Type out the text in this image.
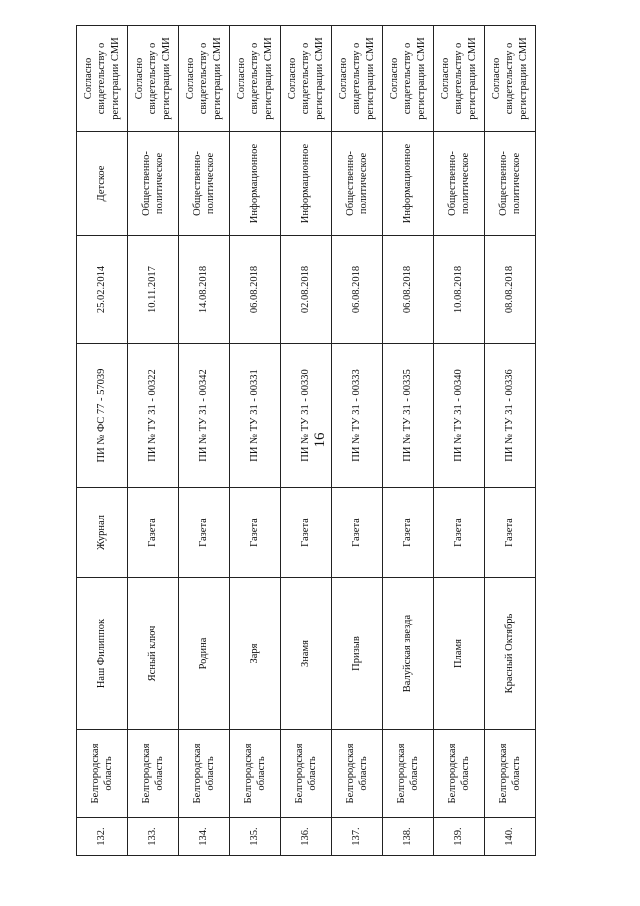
16
132.	Белгородская область	Наш Филиппок	Журнал	ПИ № ФС 77 - 57039	25.02.2014	Детское	Согласно свидетельству о регистрации СМИ
133.	Белгородская область	Ясный ключ	Газета	ПИ № ТУ 31 - 00322	10.11.2017	Общественно-политическое	Согласно свидетельству о регистрации СМИ
134.	Белгородская область	Родина	Газета	ПИ № ТУ 31 - 00342	14.08.2018	Общественно-политическое	Согласно свидетельству о регистрации СМИ
135.	Белгородская область	Заря	Газета	ПИ № ТУ 31 - 00331	06.08.2018	Информационное	Согласно свидетельству о регистрации СМИ
136.	Белгородская область	Знамя	Газета	ПИ № ТУ 31 - 00330	02.08.2018	Информационное	Согласно свидетельству о регистрации СМИ
137.	Белгородская область	Призыв	Газета	ПИ № ТУ 31 - 00333	06.08.2018	Общественно-политическое	Согласно свидетельству о регистрации СМИ
138.	Белгородская область	Валуйская звезда	Газета	ПИ № ТУ 31 - 00335	06.08.2018	Информационное	Согласно свидетельству о регистрации СМИ
139.	Белгородская область	Пламя	Газета	ПИ № ТУ 31 - 00340	10.08.2018	Общественно-политическое	Согласно свидетельству о регистрации СМИ
140.	Белгородская область	Красный Октябрь	Газета	ПИ № ТУ 31 - 00336	08.08.2018	Общественно-политическое	Согласно свидетельству о регистрации СМИ
